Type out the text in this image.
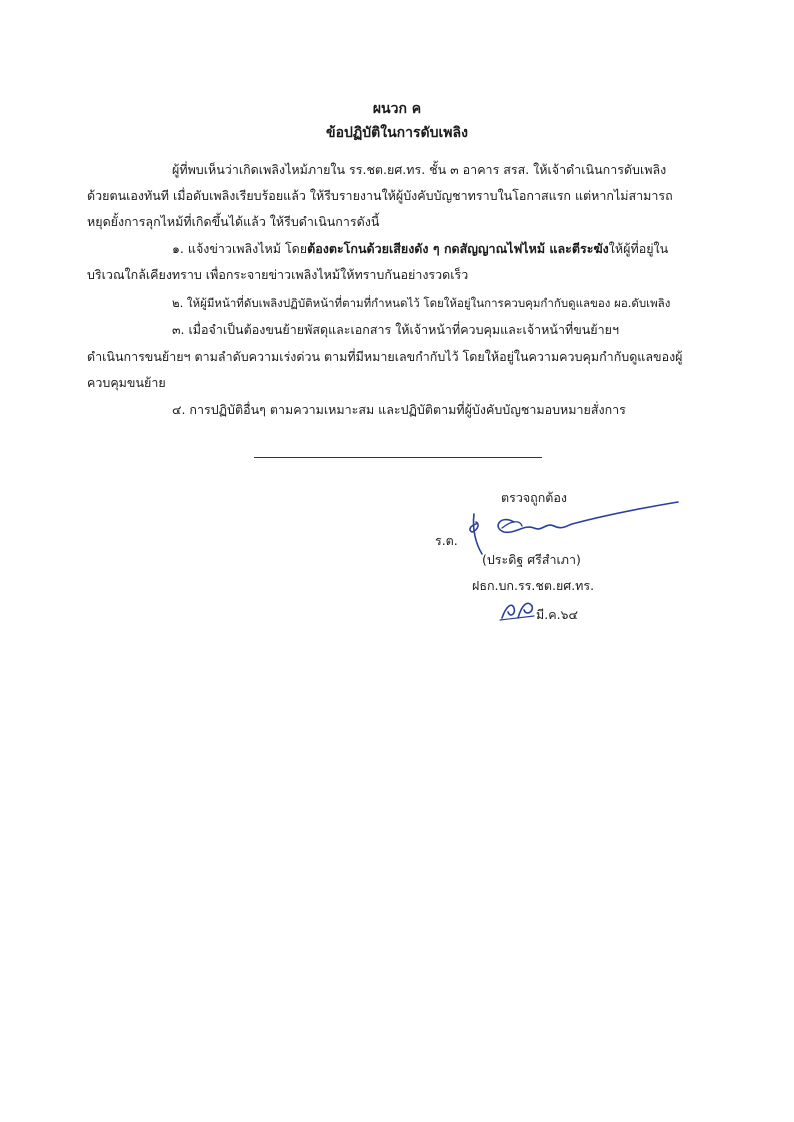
ผนวก ค
ข้อปฏิบัติในการดับเพลิง
ผู้ที่พบเห็นว่าเกิดเพลิงไหม้ภายใน รร.ชต.ยศ.ทร. ชั้น ๓ อาคาร สรส. ให้เจ้าดำเนินการดับเพลิง
ด้วยตนเองทันที เมื่อดับเพลิงเรียบร้อยแล้ว ให้รีบรายงานให้ผู้บังคับบัญชาทราบในโอกาสแรก แต่หากไม่สามารถ
หยุดยั้งการลุกไหม้ที่เกิดขึ้นได้แล้ว ให้รีบดำเนินการดังนี้
๑. แจ้งข่าวเพลิงไหม้ โดยต้องตะโกนด้วยเสียงดัง ๆ กดสัญญาณไฟไหม้ และตีระฆังให้ผู้ที่อยู่ใน
บริเวณใกล้เคียงทราบ เพื่อกระจายข่าวเพลิงไหม้ให้ทราบกันอย่างรวดเร็ว
๒. ให้ผู้มีหน้าที่ดับเพลิงปฏิบัติหน้าที่ตามที่กำหนดไว้ โดยให้อยู่ในการควบคุมกำกับดูแลของ ผอ.ดับเพลิง
๓. เมื่อจำเป็นต้องขนย้ายพัสดุและเอกสาร ให้เจ้าหน้าที่ควบคุมและเจ้าหน้าที่ขนย้ายฯ
ดำเนินการขนย้ายฯ ตามลำดับความเร่งด่วน ตามที่มีหมายเลขกำกับไว้ โดยให้อยู่ในความควบคุมกำกับดูแลของผู้
ควบคุมขนย้าย
๔. การปฏิบัติอื่นๆ ตามความเหมาะสม และปฏิบัติตามที่ผู้บังคับบัญชามอบหมายสั่งการ
ตรวจถูกต้อง
ร.ต.
(ประดิฐ ศรีสำเภา)
ฝธก.บก.รร.ชต.ยศ.ทร.
มี.ค.๖๔
